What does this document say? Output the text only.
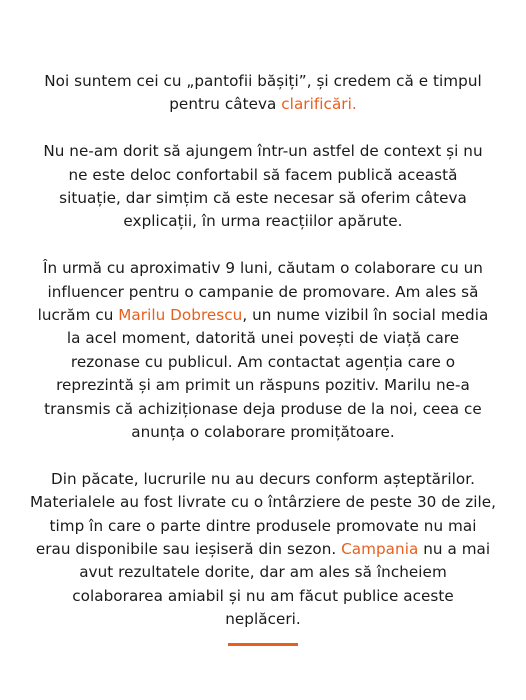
Noi suntem cei cu „pantofii bășiți”, și credem că e timpul
pentru câteva clarificări.

Nu ne-am dorit să ajungem într-un astfel de context și nu
ne este deloc confortabil să facem publică această
situație, dar simțim că este necesar să oferim câteva
explicații, în urma reacțiilor apărute.

În urmă cu aproximativ 9 luni, căutam o colaborare cu un
influencer pentru o campanie de promovare. Am ales să
lucrăm cu Marilu Dobrescu, un nume vizibil în social media
la acel moment, datorită unei povești de viață care
rezonase cu publicul. Am contactat agenția care o
reprezintă și am primit un răspuns pozitiv. Marilu ne-a
transmis că achiziționase deja produse de la noi, ceea ce
anunța o colaborare promițătoare.

Din păcate, lucrurile nu au decurs conform așteptărilor.
Materialele au fost livrate cu o întârziere de peste 30 de zile,
timp în care o parte dintre produsele promovate nu mai
erau disponibile sau ieșiseră din sezon. Campania nu a mai
avut rezultatele dorite, dar am ales să încheiem
colaborarea amiabil și nu am făcut publice aceste
neplăceri.
